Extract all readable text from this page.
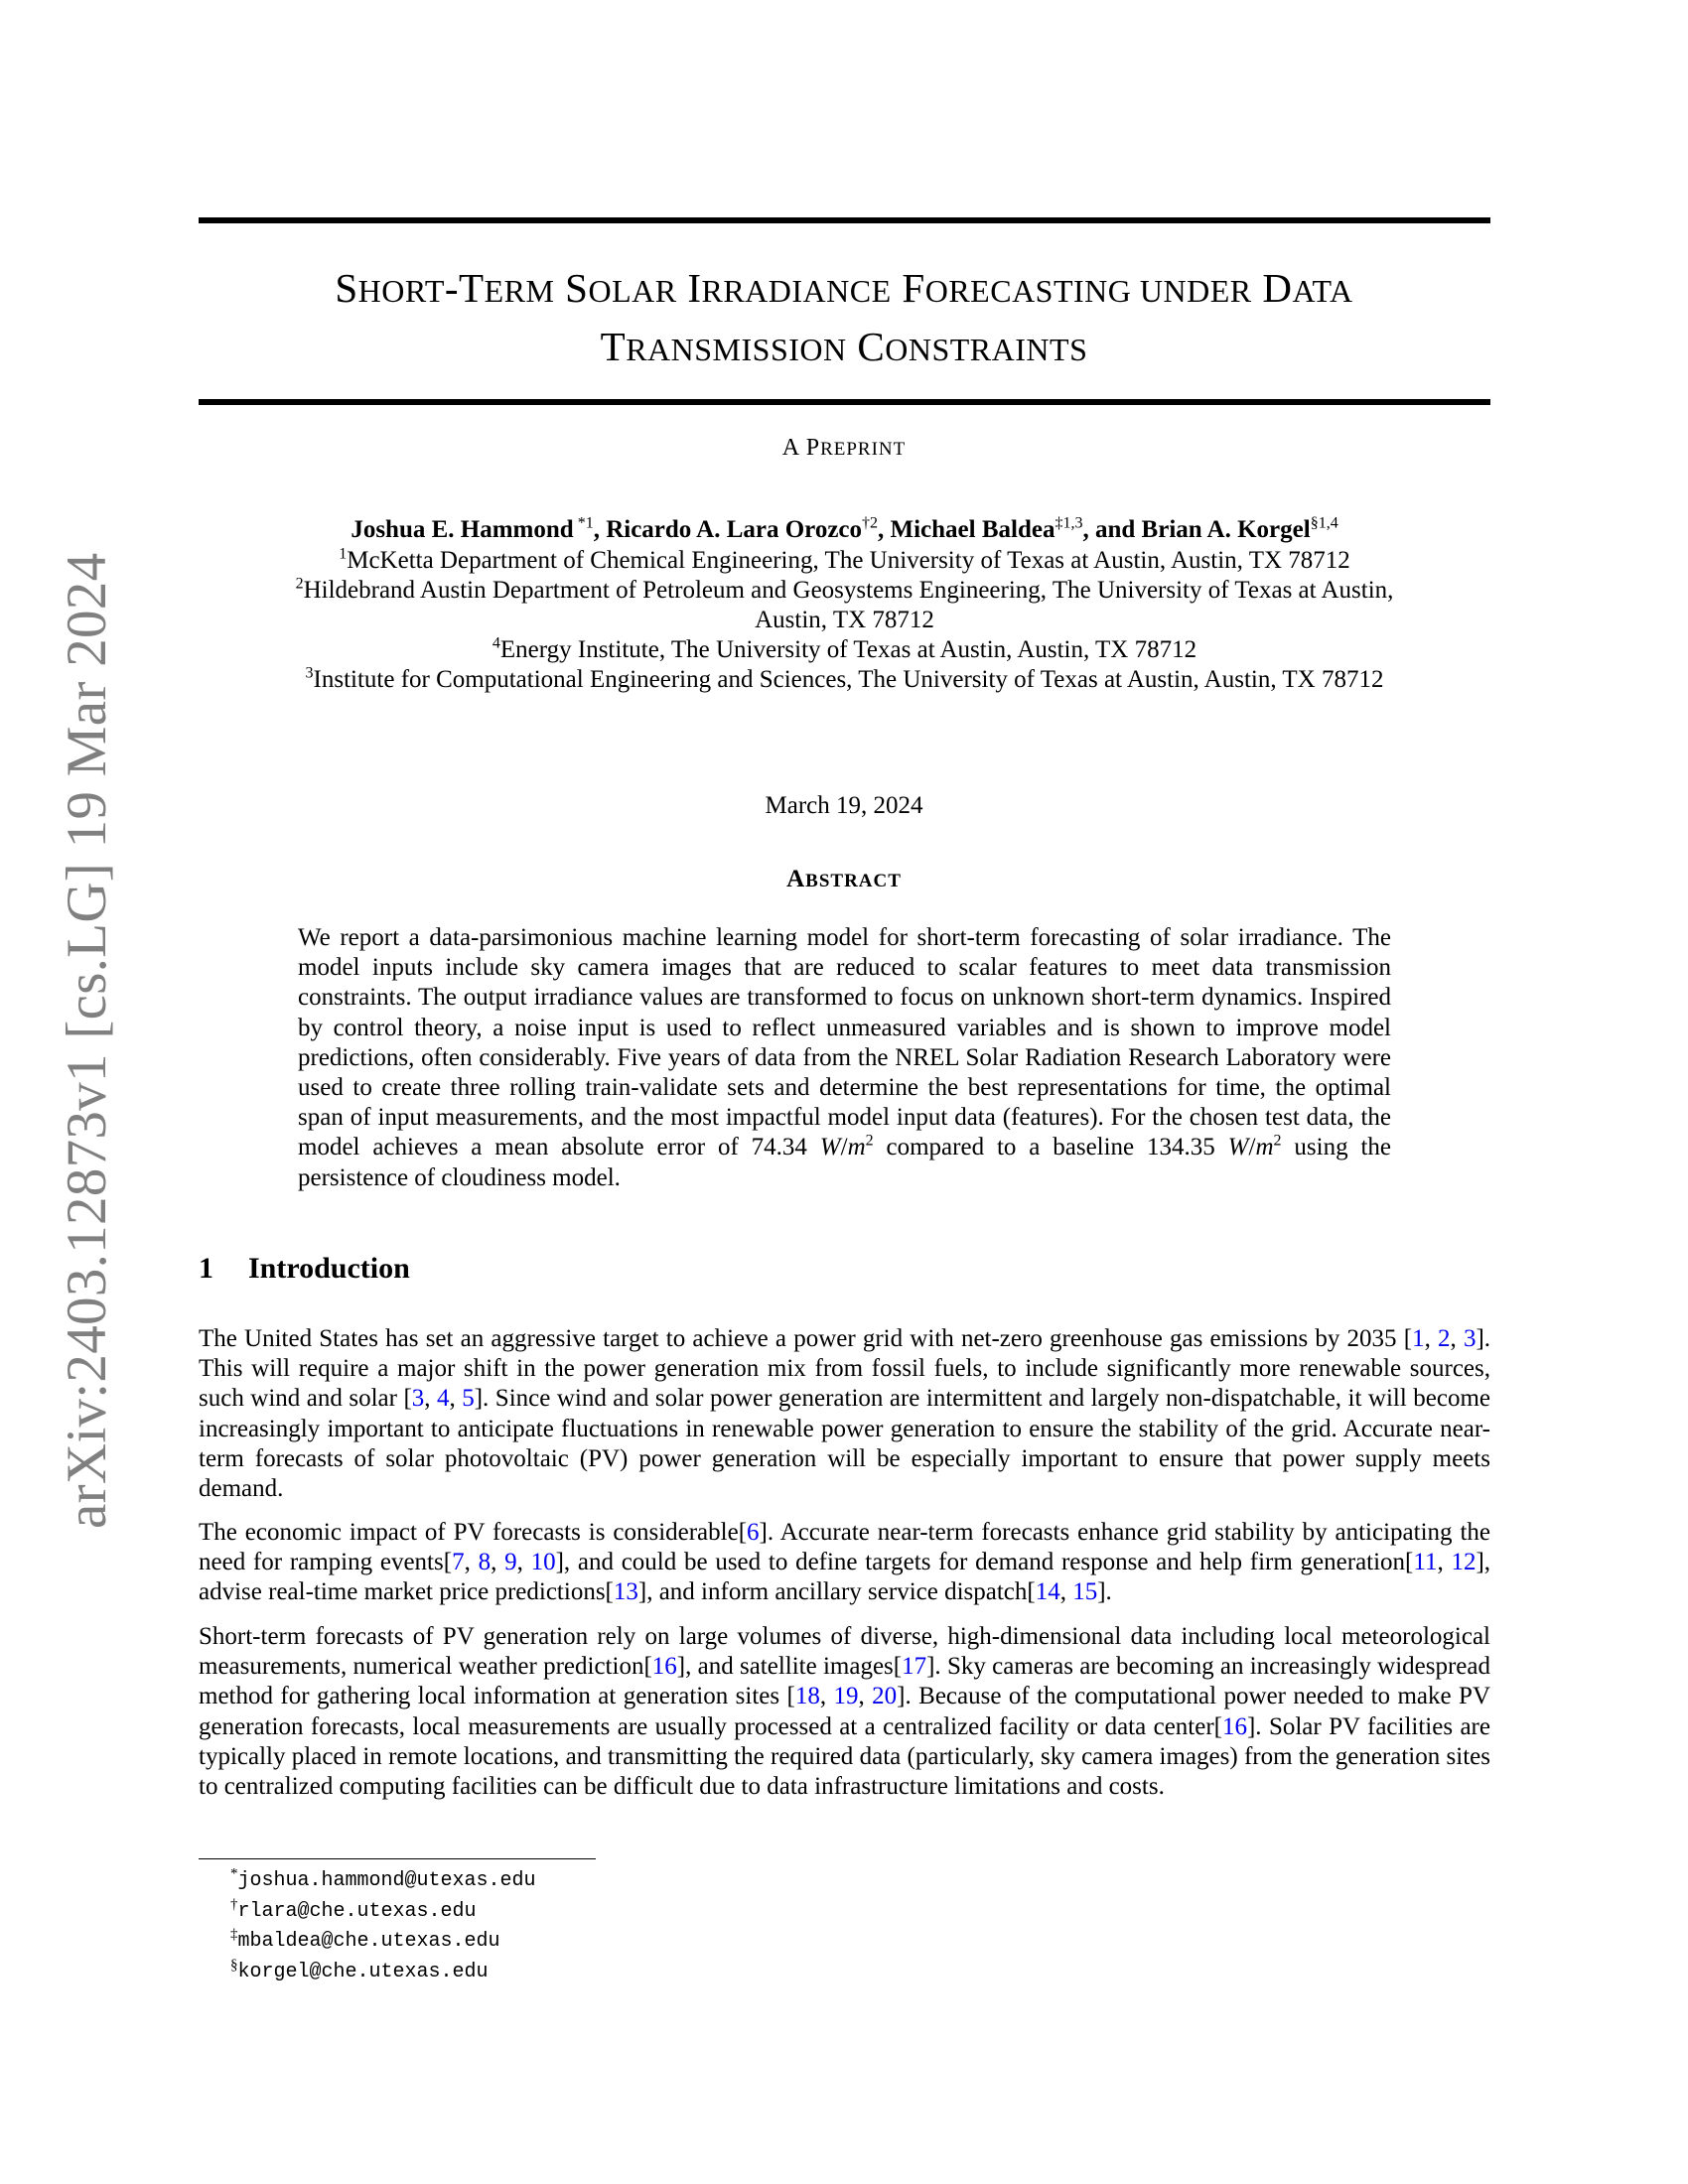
arXiv:2403.12873v1 [cs.LG] 19 Mar 2024
SHORT-TERM SOLAR IRRADIANCE FORECASTING UNDER DATA
TRANSMISSION CONSTRAINTS
A PREPRINT
Joshua E. Hammond $^{*1}$, Ricardo A. Lara Orozco$^{\dagger 2}$, Michael Baldea$^{\ddagger 1,3}$, and Brian A. Korgel$^{\S 1,4}$
$^1$McKetta Department of Chemical Engineering, The University of Texas at Austin, Austin, TX 78712
$^2$Hildebrand Austin Department of Petroleum and Geosystems Engineering, The University of Texas at Austin,
Austin, TX 78712
$^4$Energy Institute, The University of Texas at Austin, Austin, TX 78712
$^3$Institute for Computational Engineering and Sciences, The University of Texas at Austin, Austin, TX 78712
March 19, 2024
ABSTRACT
We report a data-parsimonious machine learning model for short-term forecasting of solar irradiance. The model inputs include sky camera images that are reduced to scalar features to meet data transmission constraints. The output irradiance values are transformed to focus on unknown short-term dynamics. Inspired by control theory, a noise input is used to reflect unmeasured variables and is shown to improve model predictions, often considerably. Five years of data from the NREL Solar Radiation Research Laboratory were used to create three rolling train-validate sets and determine the best representations for time, the optimal span of input measurements, and the most impactful model input data (features). For the chosen test data, the model achieves a mean absolute error of 74.34 $W/m^2$ compared to a baseline 134.35 $W/m^2$ using the persistence of cloudiness model.
1 Introduction
The United States has set an aggressive target to achieve a power grid with net-zero greenhouse gas emissions by 2035 [1, 2, 3]. This will require a major shift in the power generation mix from fossil fuels, to include significantly more renewable sources, such wind and solar [3, 4, 5]. Since wind and solar power generation are intermittent and largely non-dispatchable, it will become increasingly important to anticipate fluctuations in renewable power generation to ensure the stability of the grid. Accurate near-term forecasts of solar photovoltaic (PV) power generation will be especially important to ensure that power supply meets demand.
The economic impact of PV forecasts is considerable[6]. Accurate near-term forecasts enhance grid stability by anticipating the need for ramping events[7, 8, 9, 10], and could be used to define targets for demand response and help firm generation[11, 12], advise real-time market price predictions[13], and inform ancillary service dispatch[14, 15].
Short-term forecasts of PV generation rely on large volumes of diverse, high-dimensional data including local meteorological measurements, numerical weather prediction[16], and satellite images[17]. Sky cameras are becoming an increasingly widespread method for gathering local information at generation sites [18, 19, 20]. Because of the computational power needed to make PV generation forecasts, local measurements are usually processed at a centralized facility or data center[16]. Solar PV facilities are typically placed in remote locations, and transmitting the required data (particularly, sky camera images) from the generation sites to centralized computing facilities can be difficult due to data infrastructure limitations and costs.
*joshua.hammond@utexas.edu
†rlara@che.utexas.edu
‡mbaldea@che.utexas.edu
§korgel@che.utexas.edu
